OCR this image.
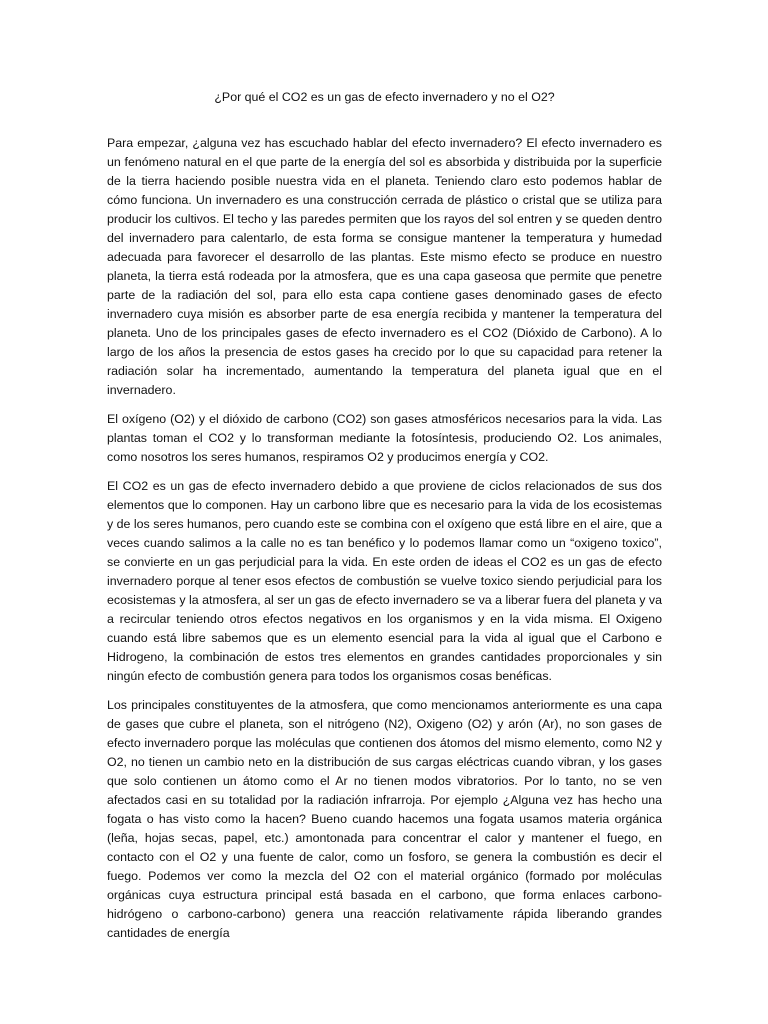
¿Por qué el CO2 es un gas de efecto invernadero y no el O2?

Para empezar, ¿alguna vez has escuchado hablar del efecto invernadero? El efecto invernadero es un fenómeno natural en el que parte de la energía del sol es absorbida y distribuida por la superficie de la tierra haciendo posible nuestra vida en el planeta. Teniendo claro esto podemos hablar de cómo funciona. Un invernadero es una construcción cerrada de plástico o cristal que se utiliza para producir los cultivos. El techo y las paredes permiten que los rayos del sol entren y se queden dentro del invernadero para calentarlo, de esta forma se consigue mantener la temperatura y humedad adecuada para favorecer el desarrollo de las plantas. Este mismo efecto se produce en nuestro planeta, la tierra está rodeada por la atmosfera, que es una capa gaseosa que permite que penetre parte de la radiación del sol, para ello esta capa contiene gases denominado gases de efecto invernadero cuya misión es absorber parte de esa energía recibida y mantener la temperatura del planeta. Uno de los principales gases de efecto invernadero es el CO2 (Dióxido de Carbono). A lo largo de los años la presencia de estos gases ha crecido por lo que su capacidad para retener la radiación solar ha incrementado, aumentando la temperatura del planeta igual que en el invernadero.

El oxígeno (O2) y el dióxido de carbono (CO2) son gases atmosféricos necesarios para la vida. Las plantas toman el CO2 y lo transforman mediante la fotosíntesis, produciendo O2. Los animales, como nosotros los seres humanos, respiramos O2 y producimos energía y CO2.

El CO2 es un gas de efecto invernadero debido a que proviene de ciclos relacionados de sus dos elementos que lo componen. Hay un carbono libre que es necesario para la vida de los ecosistemas y de los seres humanos, pero cuando este se combina con el oxígeno que está libre en el aire, que a veces cuando salimos a la calle no es tan benéfico y lo podemos llamar como un “oxigeno toxico”, se convierte en un gas perjudicial para la vida. En este orden de ideas el CO2 es un gas de efecto invernadero porque al tener esos efectos de combustión se vuelve toxico siendo perjudicial para los ecosistemas y la atmosfera, al ser un gas de efecto invernadero se va a liberar fuera del planeta y va a recircular teniendo otros efectos negativos en los organismos y en la vida misma. El Oxigeno cuando está libre sabemos que es un elemento esencial para la vida al igual que el Carbono e Hidrogeno, la combinación de estos tres elementos en grandes cantidades proporcionales y sin ningún efecto de combustión genera para todos los organismos cosas benéficas.

Los principales constituyentes de la atmosfera, que como mencionamos anteriormente es una capa de gases que cubre el planeta, son el nitrógeno (N2), Oxigeno (O2) y arón (Ar), no son gases de efecto invernadero porque las moléculas que contienen dos átomos del mismo elemento, como N2 y O2, no tienen un cambio neto en la distribución de sus cargas eléctricas cuando vibran, y los gases que solo contienen un átomo como el Ar no tienen modos vibratorios. Por lo tanto, no se ven afectados casi en su totalidad por la radiación infrarroja. Por ejemplo ¿Alguna vez has hecho una fogata o has visto como la hacen? Bueno cuando hacemos una fogata usamos materia orgánica (leña, hojas secas, papel, etc.) amontonada para concentrar el calor y mantener el fuego, en contacto con el O2 y una fuente de calor, como un fosforo, se genera la combustión es decir el fuego. Podemos ver como la mezcla del O2 con el material orgánico (formado por moléculas orgánicas cuya estructura principal está basada en el carbono, que forma enlaces carbono-hidrógeno o carbono-carbono) genera una reacción relativamente rápida liberando grandes cantidades de energía
